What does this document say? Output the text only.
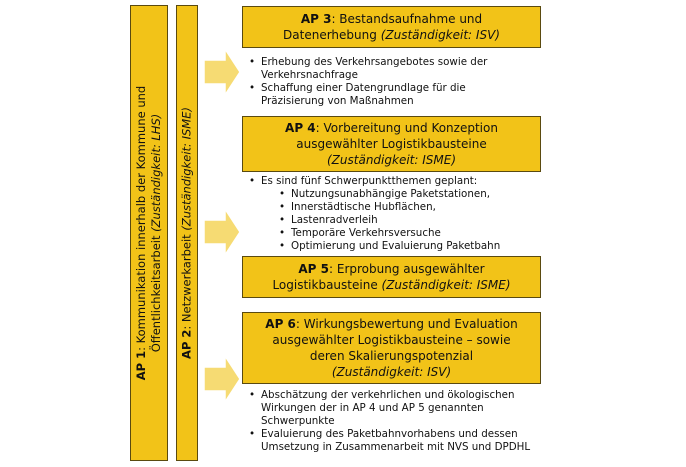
AP 1: Kommunikation innerhalb der Kommune und Öffentlichkeitsarbeit (Zuständigkeit: LHS)
AP 2: Netzwerkarbeit (Zuständigkeit: ISME)
AP 3: Bestandsaufnahme und
Datenerhebung (Zuständigkeit: ISV)
• Erhebung des Verkehrsangebotes sowie der
Verkehrsnachfrage
• Schaffung einer Datengrundlage für die
Präzisierung von Maßnahmen
AP 4: Vorbereitung und Konzeption
ausgewählter Logistikbausteine
(Zuständigkeit: ISME)
• Es sind fünf Schwerpunktthemen geplant:
• Nutzungsunabhängige Paketstationen,
• Innerstädtische Hubflächen,
• Lastenradverleih
• Temporäre Verkehrsversuche
• Optimierung und Evaluierung Paketbahn
AP 5: Erprobung ausgewählter
Logistikbausteine (Zuständigkeit: ISME)
AP 6: Wirkungsbewertung und Evaluation
ausgewählter Logistikbausteine – sowie
deren Skalierungspotenzial
(Zuständigkeit: ISV)
• Abschätzung der verkehrlichen und ökologischen
Wirkungen der in AP 4 und AP 5 genannten
Schwerpunkte
• Evaluierung des Paketbahnvorhabens und dessen
Umsetzung in Zusammenarbeit mit NVS und DPDHL
